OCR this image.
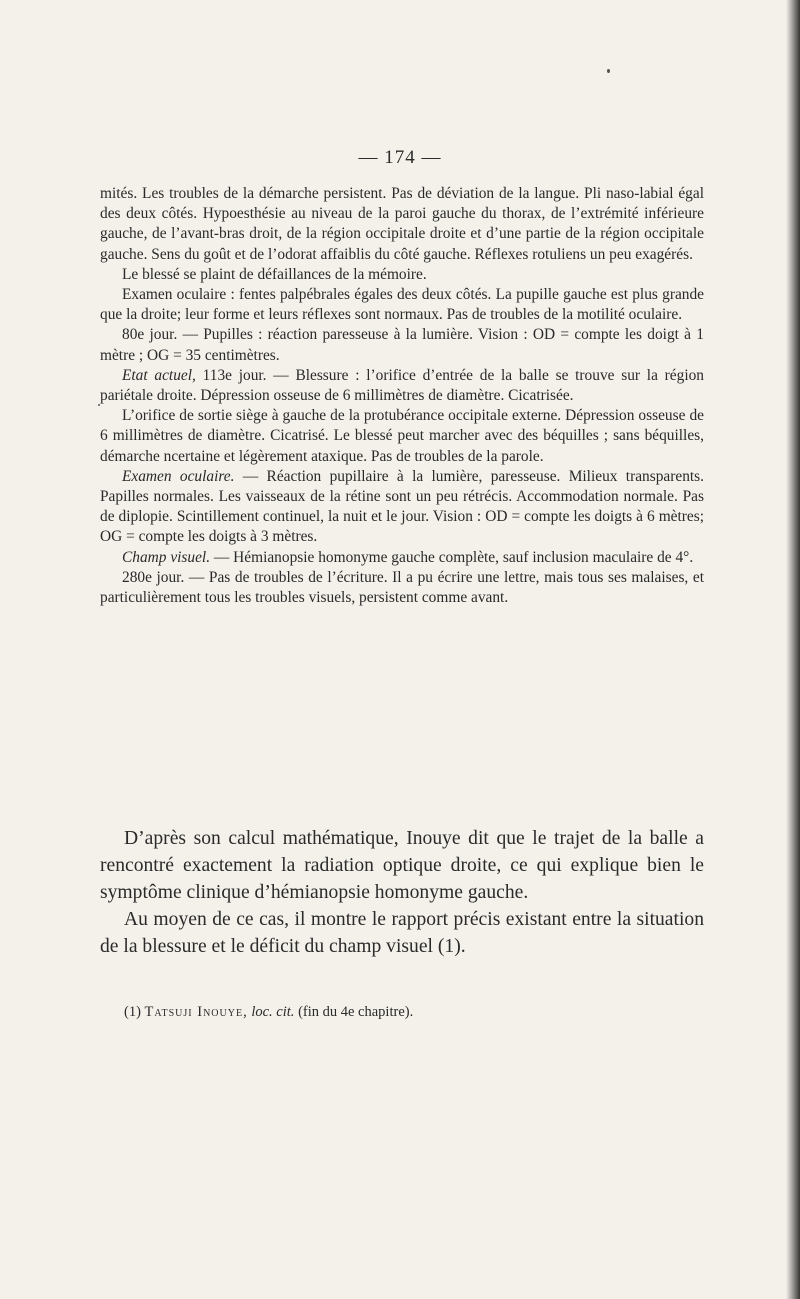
— 174 —

mités. Les troubles de la démarche persistent. Pas de déviation de la langue. Pli naso-labial égal des deux côtés. Hypoesthésie au niveau de la paroi gauche du thorax, de l’extrémité inférieure gauche, de l’avant-bras droit, de la région occipitale droite et d’une partie de la région occipitale gauche. Sens du goût et de l’odorat affaiblis du côté gauche. Réflexes rotuliens un peu exagérés.

Le blessé se plaint de défaillances de la mémoire.

Examen oculaire : fentes palpébrales égales des deux côtés. La pupille gauche est plus grande que la droite; leur forme et leurs réflexes sont normaux. Pas de troubles de la motilité oculaire.

80e jour. — Pupilles : réaction paresseuse à la lumière. Vision : OD = compte les doigt à 1 mètre ; OG = 35 centimètres.

Etat actuel, 113e jour. — Blessure : l’orifice d’entrée de la balle se trouve sur la région pariétale droite. Dépression osseuse de 6 millimètres de diamètre. Cicatrisée.

L’orifice de sortie siège à gauche de la protubérance occipitale externe. Dépression osseuse de 6 millimètres de diamètre. Cicatrisé. Le blessé peut marcher avec des béquilles ; sans béquilles, démarche ncertaine et légèrement ataxique. Pas de troubles de la parole.

Examen oculaire. — Réaction pupillaire à la lumière, paresseuse. Milieux transparents. Papilles normales. Les vaisseaux de la rétine sont un peu rétrécis. Accommodation normale. Pas de diplopie. Scintillement continuel, la nuit et le jour. Vision : OD = compte les doigts à 6 mètres; OG = compte les doigts à 3 mètres.

Champ visuel. — Hémianopsie homonyme gauche complète, sauf inclusion maculaire de 4°.

280e jour. — Pas de troubles de l’écriture. Il a pu écrire une lettre, mais tous ses malaises, et particulièrement tous les troubles visuels, persistent comme avant.

D’après son calcul mathématique, Inouye dit que le trajet de la balle a rencontré exactement la radiation optique droite, ce qui explique bien le symptôme clinique d’hémianopsie homonyme gauche.

Au moyen de ce cas, il montre le rapport précis existant entre la situation de la blessure et le déficit du champ visuel (1).

(1) Tatsuji Inouye, loc. cit. (fin du 4e chapitre).
